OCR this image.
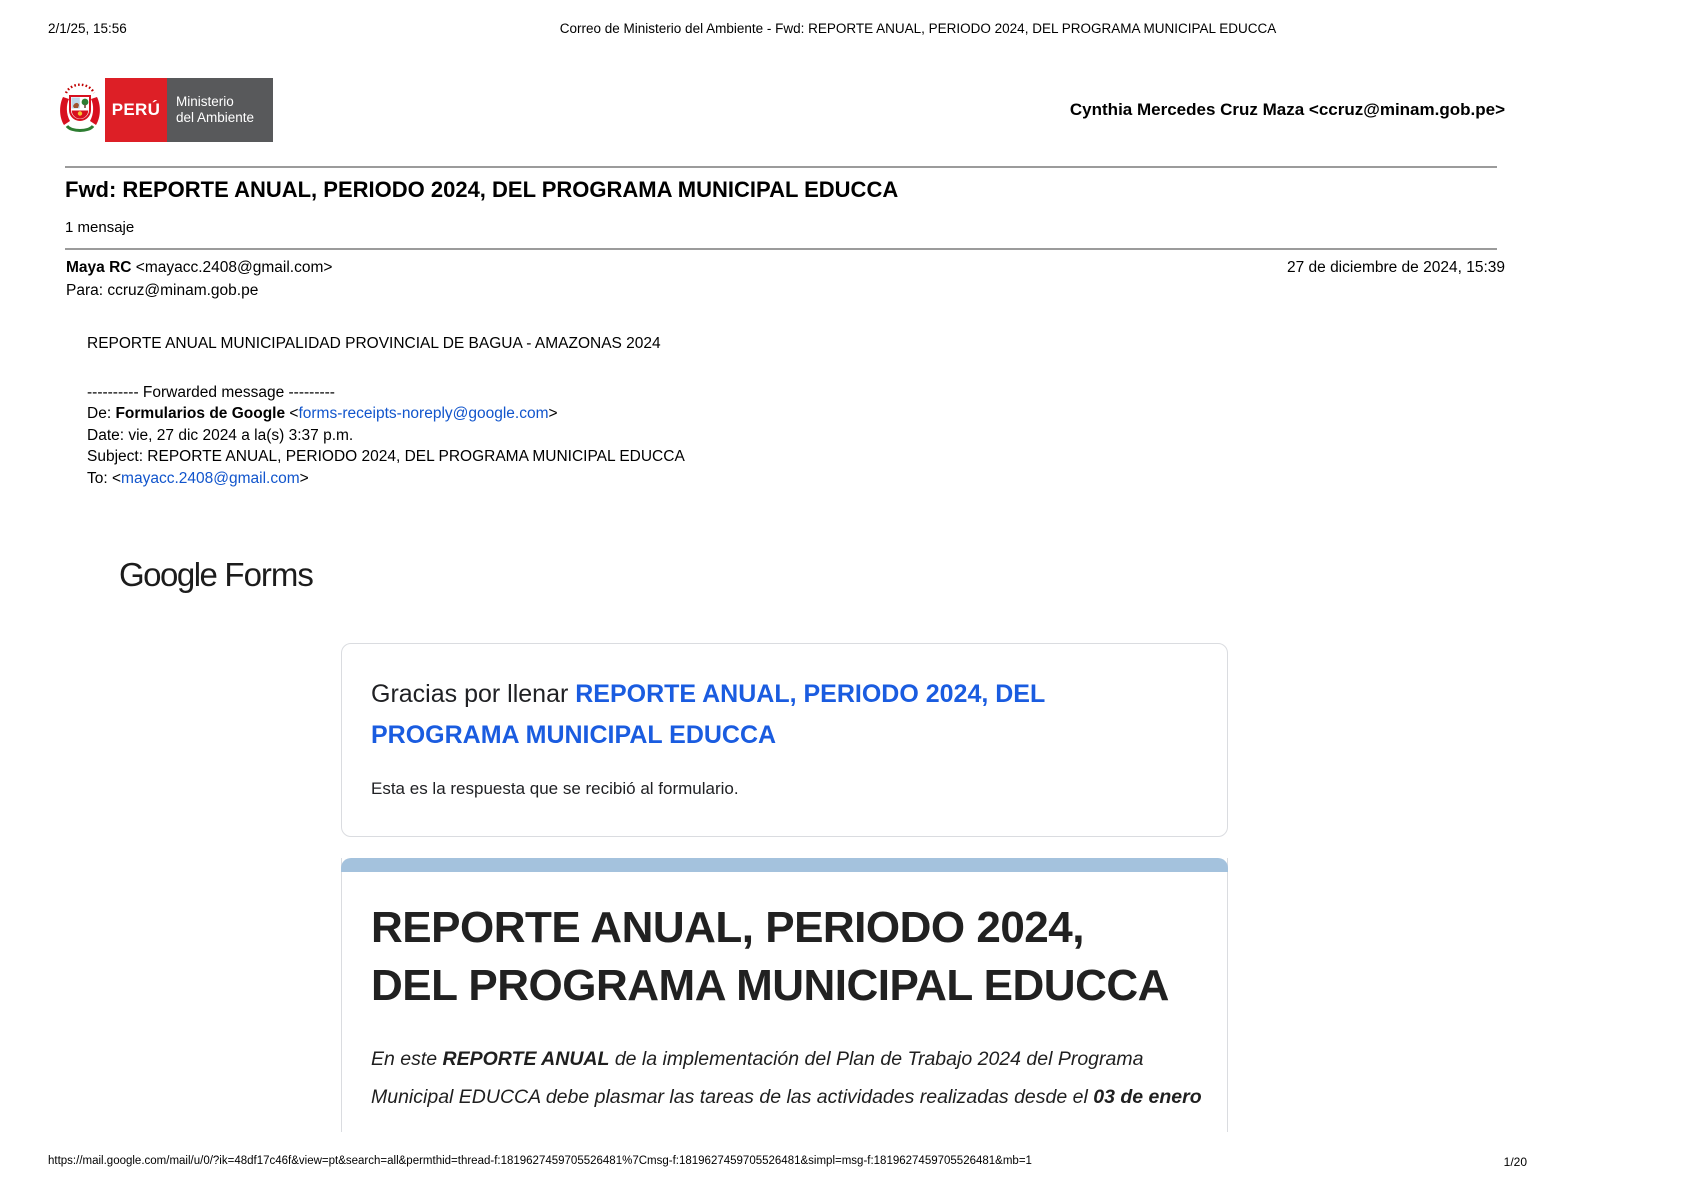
2/1/25, 15:56	Correo de Ministerio del Ambiente - Fwd: REPORTE ANUAL, PERIODO 2024, DEL PROGRAMA MUNICIPAL EDUCCA
PERÚ	Ministerio
del Ambiente	Cynthia Mercedes Cruz Maza <ccruz@minam.gob.pe>
Fwd: REPORTE ANUAL, PERIODO 2024, DEL PROGRAMA MUNICIPAL EDUCCA
1 mensaje
Maya RC <mayacc.2408@gmail.com>	27 de diciembre de 2024, 15:39
Para: ccruz@minam.gob.pe
REPORTE ANUAL MUNICIPALIDAD PROVINCIAL DE BAGUA - AMAZONAS 2024
---------- Forwarded message ---------
De: Formularios de Google <forms-receipts-noreply@google.com>
Date: vie, 27 dic 2024 a la(s) 3:37 p.m.
Subject: REPORTE ANUAL, PERIODO 2024, DEL PROGRAMA MUNICIPAL EDUCCA
To: <mayacc.2408@gmail.com>
Google Forms
Gracias por llenar REPORTE ANUAL, PERIODO 2024, DEL PROGRAMA MUNICIPAL EDUCCA
Esta es la respuesta que se recibió al formulario.
REPORTE ANUAL, PERIODO 2024,
DEL PROGRAMA MUNICIPAL EDUCCA
En este REPORTE ANUAL de la implementación del Plan de Trabajo 2024 del Programa Municipal EDUCCA debe plasmar las tareas de las actividades realizadas desde el 03 de enero
https://mail.google.com/mail/u/0/?ik=48df17c46f&view=pt&search=all&permthid=thread-f:1819627459705526481%7Cmsg-f:1819627459705526481&simpl=msg-f:1819627459705526481&mb=1	1/20
